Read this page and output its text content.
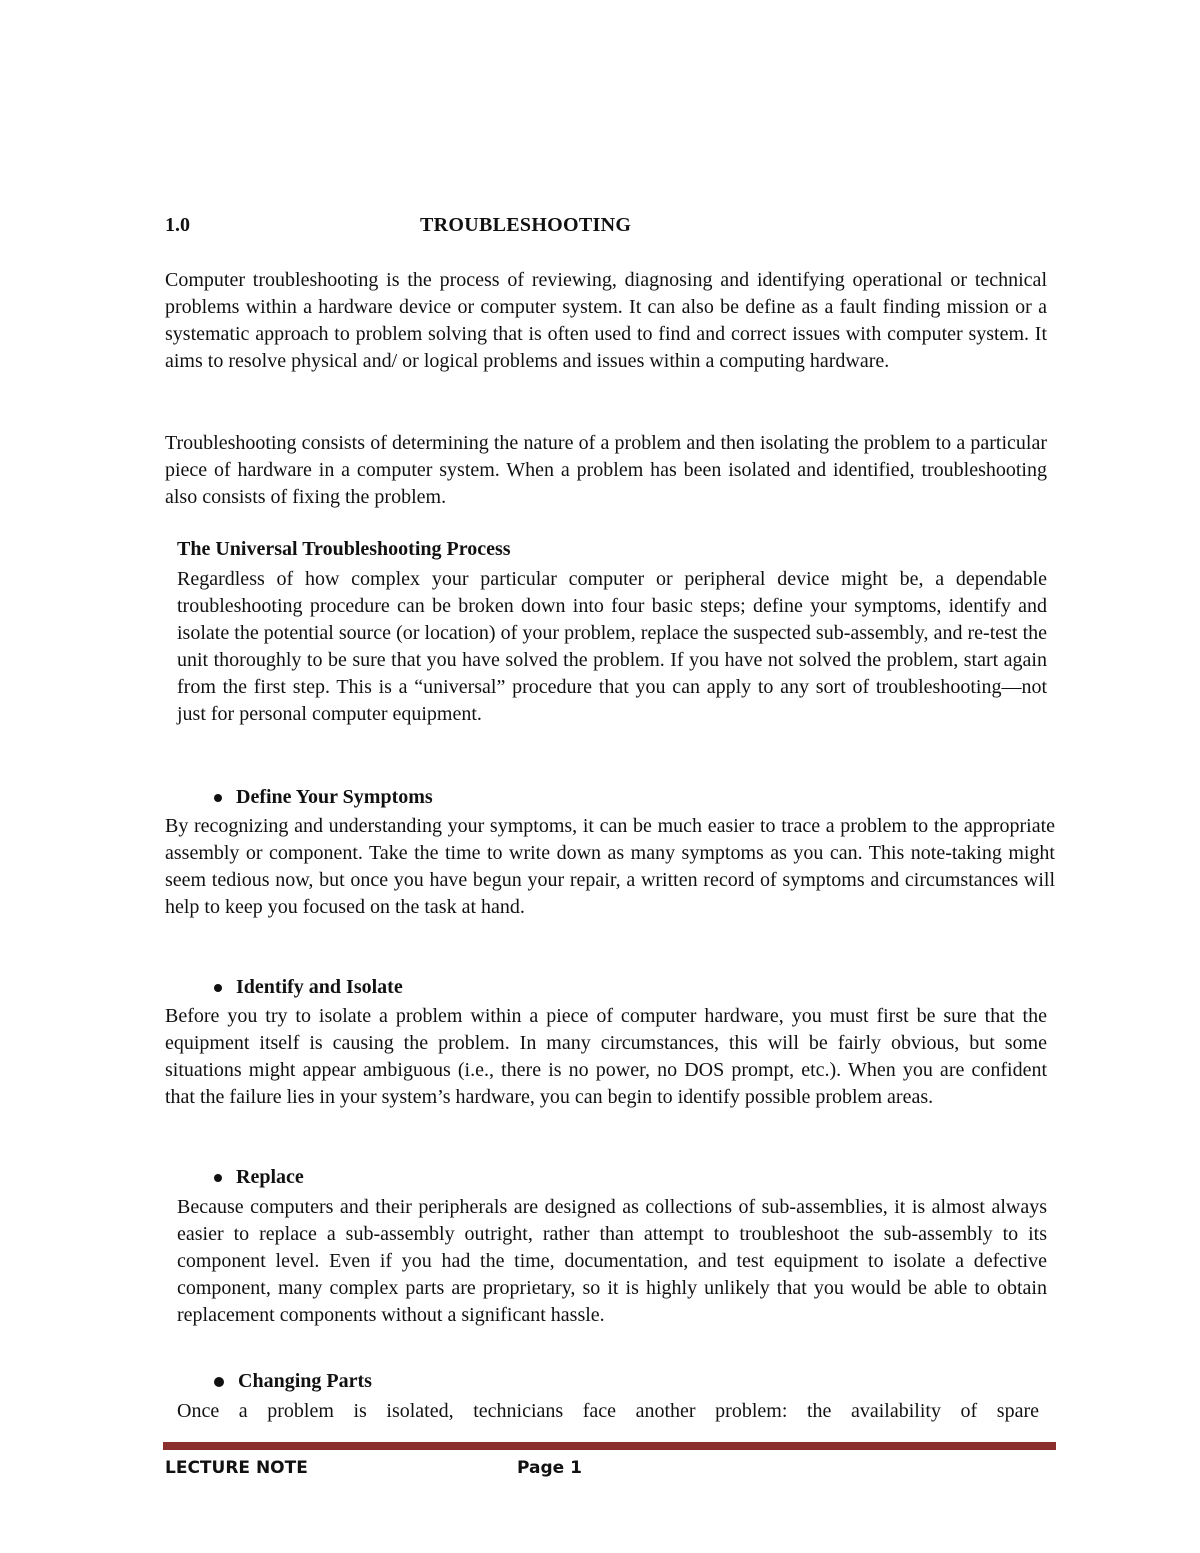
1.0	TROUBLESHOOTING

Computer troubleshooting is the process of reviewing, diagnosing and identifying operational or technical problems within a hardware device or computer system. It can also be define as a fault finding mission or a systematic approach to problem solving that is often used to find and correct issues with computer system. It aims to resolve physical and/ or logical problems and issues within a computing hardware.

Troubleshooting consists of determining the nature of a problem and then isolating the problem to a particular piece of hardware in a computer system. When a problem has been isolated and identified, troubleshooting also consists of fixing the problem.

The Universal Troubleshooting Process

Regardless of how complex your particular computer or peripheral device might be, a dependable troubleshooting procedure can be broken down into four basic steps; define your symptoms, identify and isolate the potential source (or location) of your problem, replace the suspected sub-assembly, and re-test the unit thoroughly to be sure that you have solved the problem. If you have not solved the problem, start again from the first step. This is a “universal” procedure that you can apply to any sort of troubleshooting—not just for personal computer equipment.

Define Your Symptoms

By recognizing and understanding your symptoms, it can be much easier to trace a problem to the appropriate assembly or component. Take the time to write down as many symptoms as you can. This note-taking might seem tedious now, but once you have begun your repair, a written record of symptoms and circumstances will help to keep you focused on the task at hand.

Identify and Isolate

Before you try to isolate a problem within a piece of computer hardware, you must first be sure that the equipment itself is causing the problem. In many circumstances, this will be fairly obvious, but some situations might appear ambiguous (i.e., there is no power, no DOS prompt, etc.). When you are confident that the failure lies in your system’s hardware, you can begin to identify possible problem areas.

Replace

Because computers and their peripherals are designed as collections of sub-assemblies, it is almost always easier to replace a sub-assembly outright, rather than attempt to troubleshoot the sub-assembly to its component level. Even if you had the time, documentation, and test equipment to isolate a defective component, many complex parts are proprietary, so it is highly unlikely that you would be able to obtain replacement components without a significant hassle.

Changing Parts

Once a problem is isolated, technicians face another problem: the availability of spare

LECTURE NOTE	Page 1
